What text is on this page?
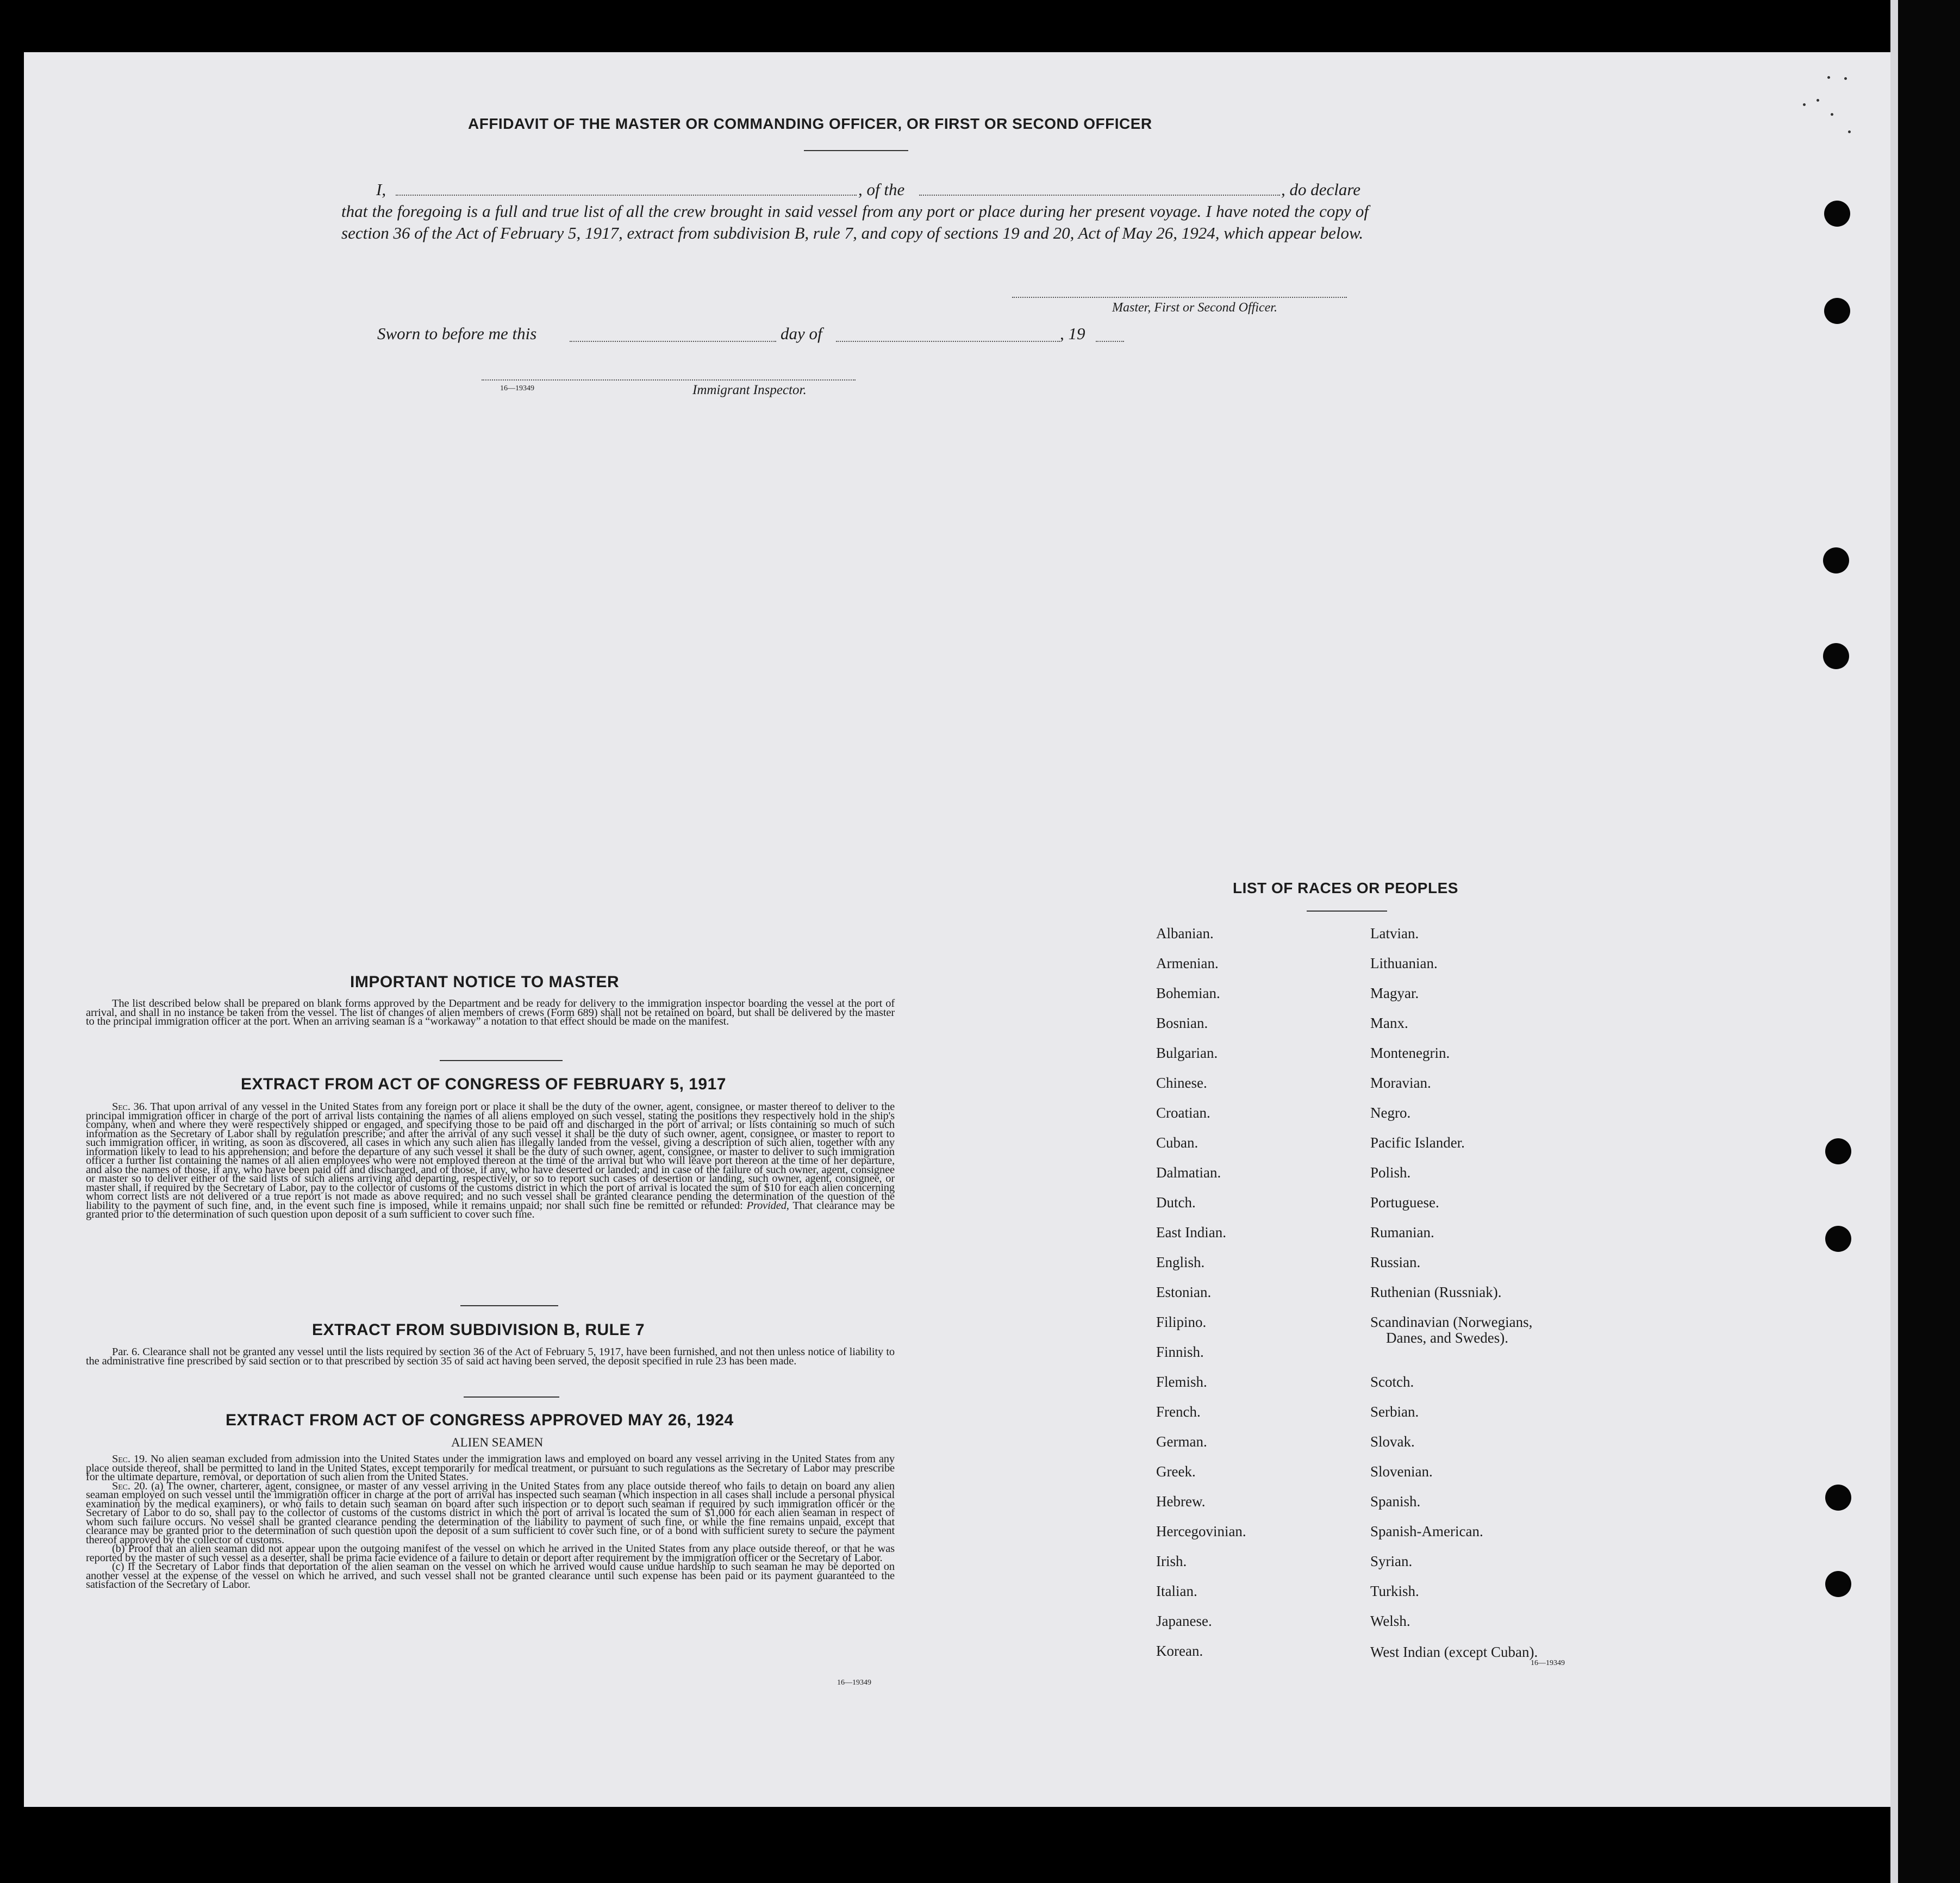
AFFIDAVIT OF THE MASTER OR COMMANDING OFFICER, OR FIRST OR SECOND OFFICER
I,	, of the	, do declare
that the foregoing is a full and true list of all the crew brought in said vessel from any port or place during her present voyage. I have noted the copy of section 36 of the Act of February 5, 1917, extract from subdivision B, rule 7, and copy of sections 19 and 20, Act of May 26, 1924, which appear below.
Master, First or Second Officer.
Sworn to before me this	day of	, 19
16—19349	Immigrant Inspector.
IMPORTANT NOTICE TO MASTER

The list described below shall be prepared on blank forms approved by the Department and be ready for delivery to the immigration inspector boarding the vessel at the port of arrival, and shall in no instance be taken from the vessel. The list of changes of alien members of crews (Form 689) shall not be retained on board, but shall be delivered by the master to the principal immigration officer at the port. When an arriving seaman is a “workaway” a notation to that effect should be made on the manifest.

EXTRACT FROM ACT OF CONGRESS OF FEBRUARY 5, 1917

Sec. 36. That upon arrival of any vessel in the United States from any foreign port or place it shall be the duty of the owner, agent, consignee, or master thereof to deliver to the principal immigration officer in charge of the port of arrival lists containing the names of all aliens employed on such vessel, stating the positions they respectively hold in the ship's company, when and where they were respectively shipped or engaged, and specifying those to be paid off and discharged in the port of arrival; or lists containing so much of such information as the Secretary of Labor shall by regulation prescribe; and after the arrival of any such vessel it shall be the duty of such owner, agent, consignee, or master to report to such immigration officer, in writing, as soon as discovered, all cases in which any such alien has illegally landed from the vessel, giving a description of such alien, together with any information likely to lead to his apprehension; and before the departure of any such vessel it shall be the duty of such owner, agent, consignee, or master to deliver to such immigration officer a further list containing the names of all alien employees who were not employed thereon at the time of the arrival but who will leave port thereon at the time of her departure, and also the names of those, if any, who have been paid off and discharged, and of those, if any, who have deserted or landed; and in case of the failure of such owner, agent, consignee or master so to deliver either of the said lists of such aliens arriving and departing, respectively, or so to report such cases of desertion or landing, such owner, agent, consignee, or master shall, if required by the Secretary of Labor, pay to the collector of customs of the customs district in which the port of arrival is located the sum of $10 for each alien concerning whom correct lists are not delivered or a true report is not made as above required; and no such vessel shall be granted clearance pending the determination of the question of the liability to the payment of such fine, and, in the event such fine is imposed, while it remains unpaid; nor shall such fine be remitted or refunded: Provided, That clearance may be granted prior to the determination of such question upon deposit of a sum sufficient to cover such fine.

EXTRACT FROM SUBDIVISION B, RULE 7

Par. 6. Clearance shall not be granted any vessel until the lists required by section 36 of the Act of February 5, 1917, have been furnished, and not then unless notice of liability to the administrative fine prescribed by said section or to that prescribed by section 35 of said act having been served, the deposit specified in rule 23 has been made.

EXTRACT FROM ACT OF CONGRESS APPROVED MAY 26, 1924
ALIEN SEAMEN

Sec. 19. No alien seaman excluded from admission into the United States under the immigration laws and employed on board any vessel arriving in the United States from any place outside thereof, shall be permitted to land in the United States, except temporarily for medical treatment, or pursuant to such regulations as the Secretary of Labor may prescribe for the ultimate departure, removal, or deportation of such alien from the United States.

Sec. 20. (a) The owner, charterer, agent, consignee, or master of any vessel arriving in the United States from any place outside thereof who fails to detain on board any alien seaman employed on such vessel until the immigration officer in charge at the port of arrival has inspected such seaman (which inspection in all cases shall include a personal physical examination by the medical examiners), or who fails to detain such seaman on board after such inspection or to deport such seaman if required by such immigration officer or the Secretary of Labor to do so, shall pay to the collector of customs of the customs district in which the port of arrival is located the sum of $1,000 for each alien seaman in respect of whom such failure occurs. No vessel shall be granted clearance pending the determination of the liability to payment of such fine, or while the fine remains unpaid, except that clearance may be granted prior to the determination of such question upon the deposit of a sum sufficient to cover such fine, or of a bond with sufficient surety to secure the payment thereof approved by the collector of customs.

(b) Proof that an alien seaman did not appear upon the outgoing manifest of the vessel on which he arrived in the United States from any place outside thereof, or that he was reported by the master of such vessel as a deserter, shall be prima facie evidence of a failure to detain or deport after requirement by the immigration officer or the Secretary of Labor.

(c) If the Secretary of Labor finds that deportation of the alien seaman on the vessel on which he arrived would cause undue hardship to such seaman he may be deported on another vessel at the expense of the vessel on which he arrived, and such vessel shall not be granted clearance until such expense has been paid or its payment guaranteed to the satisfaction of the Secretary of Labor.

16—19349
LIST OF RACES OR PEOPLES
Albanian.
Armenian.
Bohemian.
Bosnian.
Bulgarian.
Chinese.
Croatian.
Cuban.
Dalmatian.
Dutch.
East Indian.
English.
Estonian.
Filipino.
Finnish.
Flemish.
French.
German.
Greek.
Hebrew.
Hercegovinian.
Irish.
Italian.
Japanese.
Korean.
Latvian.
Lithuanian.
Magyar.
Manx.
Montenegrin.
Moravian.
Negro.
Pacific Islander.
Polish.
Portuguese.
Rumanian.
Russian.
Ruthenian (Russniak).
Scandinavian (Norwegians,
Danes, and Swedes).
Scotch.
Serbian.
Slovak.
Slovenian.
Spanish.
Spanish-American.
Syrian.
Turkish.
Welsh.
West Indian (except Cuban).
16—19349
